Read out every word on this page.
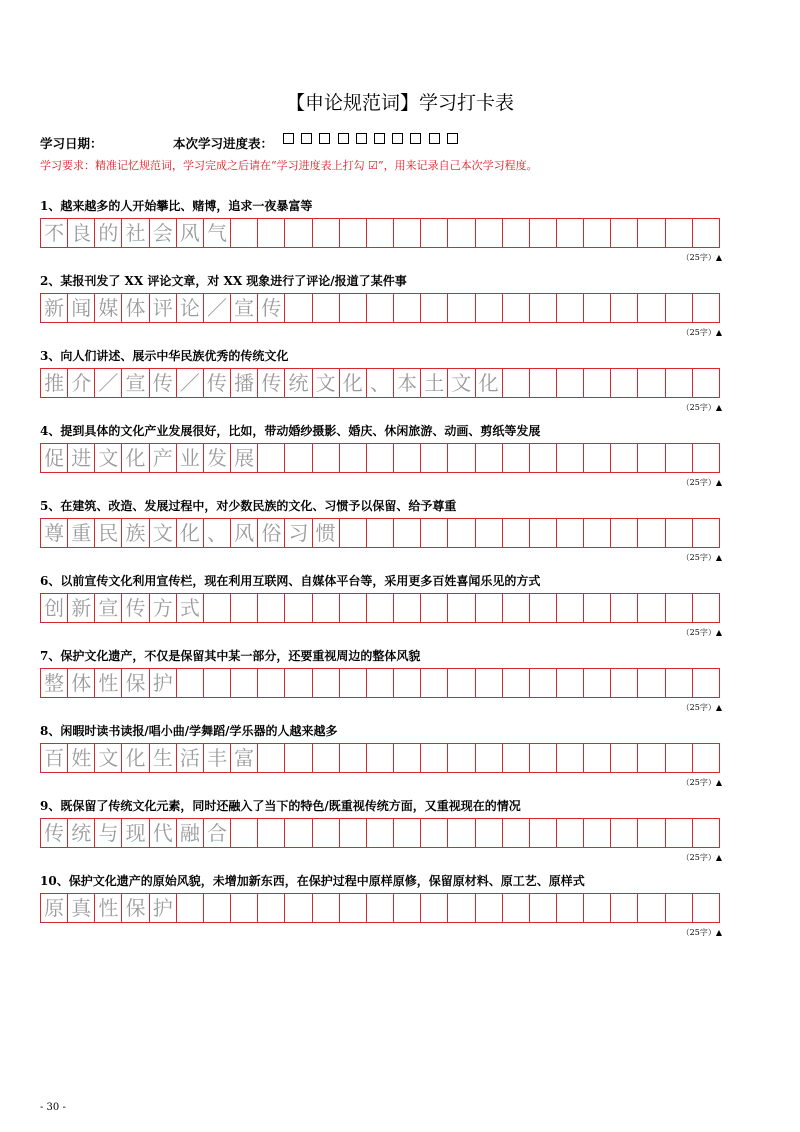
【申论规范词】学习打卡表
学习日期：	本次学习进度表：
学习要求：精准记忆规范词，学习完成之后请在“学习进度表上打勾 ☑”，用来记录自己本次学习程度。
1、越来越多的人开始攀比、赌博，追求一夜暴富等
不 良 的 社 会 风 气
（25字）▲
2、某报刊发了 XX 评论文章，对 XX 现象进行了评论/报道了某件事
新 闻 媒 体 评 论 ／ 宣 传
（25字）▲
3、向人们讲述、展示中华民族优秀的传统文化
推 介 ／ 宣 传 ／ 传 播 传 统 文 化 、 本 土 文 化
（25字）▲
4、提到具体的文化产业发展很好，比如，带动婚纱摄影、婚庆、休闲旅游、动画、剪纸等发展
促 进 文 化 产 业 发 展
（25字）▲
5、在建筑、改造、发展过程中，对少数民族的文化、习惯予以保留、给予尊重
尊 重 民 族 文 化 、 风 俗 习 惯
（25字）▲
6、以前宣传文化利用宣传栏，现在利用互联网、自媒体平台等，采用更多百姓喜闻乐见的方式
创 新 宣 传 方 式
（25字）▲
7、保护文化遗产，不仅是保留其中某一部分，还要重视周边的整体风貌
整 体 性 保 护
（25字）▲
8、闲暇时读书读报/唱小曲/学舞蹈/学乐器的人越来越多
百 姓 文 化 生 活 丰 富
（25字）▲
9、既保留了传统文化元素，同时还融入了当下的特色/既重视传统方面，又重视现在的情况
传 统 与 现 代 融 合
（25字）▲
10、保护文化遗产的原始风貌，未增加新东西，在保护过程中原样原修，保留原材料、原工艺、原样式
原 真 性 保 护
（25字）▲
- 30 -
